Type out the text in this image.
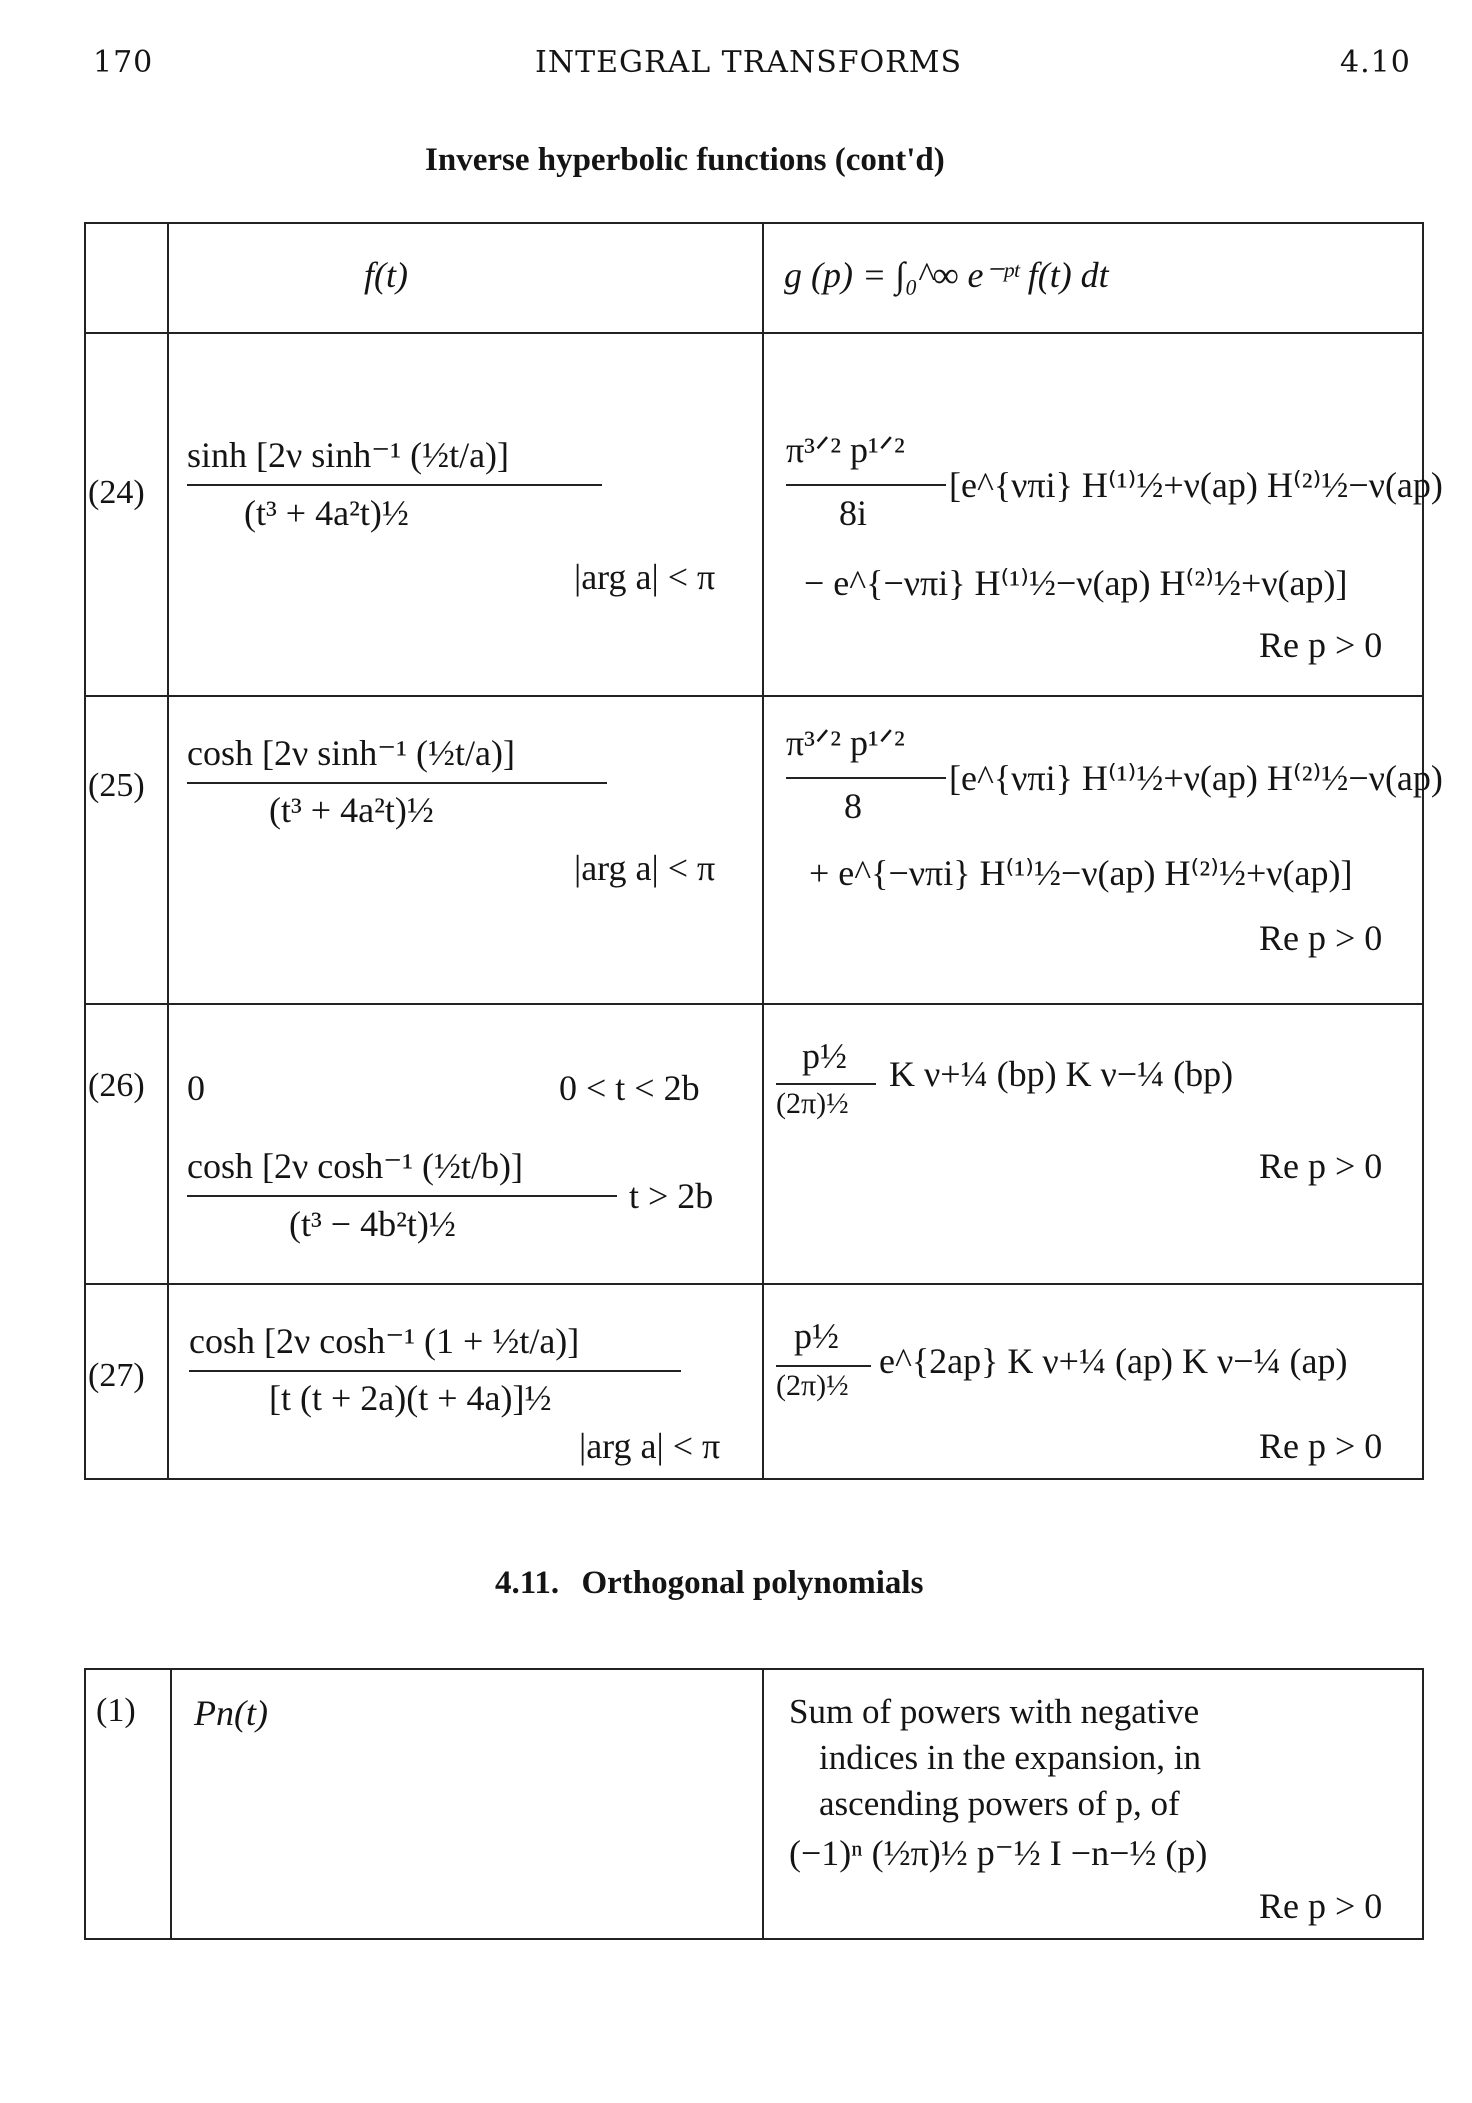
170	INTEGRAL TRANSFORMS	4.10
Inverse hyperbolic functions (cont'd)

	f(t)	g (p) = ∫₀^∞ e⁻ᵖᵗ f(t) dt

(24)	sinh [2ν sinh⁻¹ (½t/a)]
(t³ + 4a²t)½
|arg a| < π	π³ᐟ² p¹ᐟ²
8i
[e^{νπi} H⁽¹⁾½+ν(ap) H⁽²⁾½−ν(ap)
− e^{−νπi} H⁽¹⁾½−ν(ap) H⁽²⁾½+ν(ap)]
Re p > 0

(25)	cosh [2ν sinh⁻¹ (½t/a)]
(t³ + 4a²t)½
|arg a| < π	π³ᐟ² p¹ᐟ²
8
[e^{νπi} H⁽¹⁾½+ν(ap) H⁽²⁾½−ν(ap)
+ e^{−νπi} H⁽¹⁾½−ν(ap) H⁽²⁾½+ν(ap)]
Re p > 0

(26)	0 0 < t < 2b
cosh [2ν cosh⁻¹ (½t/b)]
(t³ − 4b²t)½
t > 2b	p½
(2π)½
K ν+¼ (bp) K ν−¼ (bp)
Re p > 0

(27)	cosh [2ν cosh⁻¹ (1 + ½t/a)]
[t (t + 2a)(t + 4a)]½
|arg a| < π	p½
(2π)½
e^{2ap} K ν+¼ (ap) K ν−¼ (ap)
Re p > 0
4.11. Orthogonal polynomials
(1)	Pn(t)	Sum of powers with negative
indices in the expansion, in
ascending powers of p, of
(−1)ⁿ (½π)½ p⁻½ I −n−½ (p)
Re p > 0
